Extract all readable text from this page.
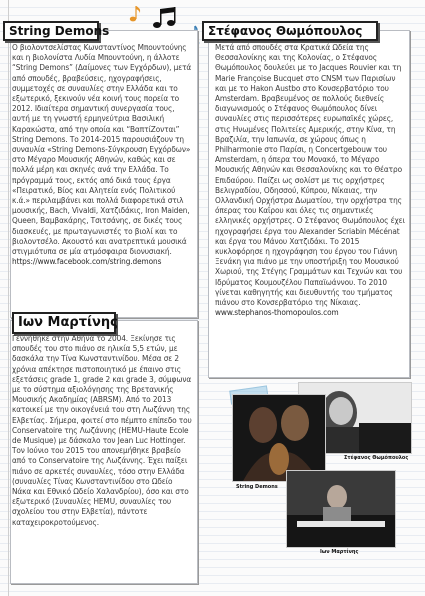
String Demons

Ο βιολοντσελίστας Κωνσταντίνος Μπουντούνης και η βιολονίστα Λυδία Μπουντούνη, η άλλοτε “String Demons” (Δαίμονες των Εγχόρδων), μετά από σπουδές, βραβεύσεις, ηχογραφήσεις, συμμετοχές σε συναυλίες στην Ελλάδα και το εξωτερικό, ξεκινούν νέα κοινή τους πορεία το 2012. Ιδιαίτερα σημαντική συνεργασία τους, αυτή με τη γνωστή ερμηνεύτρια Βασιλική Καρακώστα, από την οποία και “ΒαπτίΖονται” String Demons. Το 2014-2015 παρουσιάζουν τη συναυλία «String Demons-Σύγκρουση Εγχόρδων» στο Μέγαρο Μουσικής Αθηνών, καθώς και σε πολλά μέρη και σκηνές ανά την Ελλάδα. Το πρόγραμμά τους, εκτός από δικά τους έργα «Πειρατικό, Βίος και Αλητεία ενός Πολιτικού κ.ά.» περιλαμβάνει και πολλά διαφορετικά στιλ μουσικής, Bach, Vivaldi, Χατζιδάκις, Iron Maiden, Queen, Βαμβακάρης, Τσιτσάνης, σε δικές τους διασκευές, με πρωταγωνιστές το βιολί και το βιολοντσέλο. Ακουστό και ανατρεπτικά μουσικά στιγμιότυπα σε μία ατμόσφαιρα διονυσιακή.

https://www.facebook.com/string.demons

Στέφανος Θωμόπουλος

Μετά από σπουδές στα Κρατικά Ωδεία της Θεσσαλονίκης και της Κολονίας, ο Στέφανος Θωμόπουλος δουλεύει με το Jacques Rouvier και τη Marie Françoise Bucquet στο CNSM των Παρισίων και με το Hakon Austbo στο Κονσερβατόριο του Amsterdam. Βραβευμένος σε πολλούς διεθνείς διαγωνισμούς ο Στέφανος Θωμόπουλος δίνει συναυλίες στις περισσότερες ευρωπαϊκές χώρες, στις Ηνωμένες Πολιτείες Αμερικής, στην Κίνα, τη Βραζιλία, την Ιαπωνία, σε χώρους όπως η Philharmonie στο Παρίσι, η Concertgebouw του Amsterdam, η όπερα του Μονακό, το Μέγαρο Μουσικής Αθηνών και Θεσσαλονίκης και το Θέατρο Επιδαύρου. Παίζει ως σολίστ με τις ορχήστρες Βελιγραδίου, Οδησσού, Κύπρου, Νίκαιας, την Ολλανδική Ορχήστρα Δωματίου, την ορχήστρα της όπερας του Καΐρου και όλες τις σημαντικές ελληνικές ορχήστρες. Ο Στέφανος Θωμόπουλος έχει ηχογραφήσει έργα του Alexander Scriabin Mécénat και έργα του Μάνου Χατζιδάκι. Το 2015 κυκλοφόρησε η ηχογράφηση του έργου του Γιάννη Ξενάκη για πιάνο με την υποστήριξη του Μουσικού Χωριού, της Στέγης Γραμμάτων και Τεχνών και του Ιδρύματος Κουμουζέλου Παπαϊωάννου. Το 2010 γίνεται καθηγητής και διευθυντής του τμήματος πιάνου στο Κονσερβατόριο της Νίκαιας.

www.stephanos-thomopoulos.com

Ιων Μαρτίνης

Γεννήθηκε στην Αθήνα το 2004. Ξεκίνησε τις σπουδές του στο πιάνο σε ηλικία 5,5 ετών, με δασκάλα την Τίνα Κωνσταντινίδου. Μέσα σε 2 χρόνια απέκτησε πιστοποιητικό με έπαινο στις εξετάσεις grade 1, grade 2 και grade 3, σύμφωνα με το σύστημα αξιολόγησης της Βρετανικής Μουσικής Ακαδημίας (ABRSM). Από το 2013 κατοικεί με την οικογένειά του στη Λωζάννη της Ελβετίας. Σήμερα, φοιτεί στο πέμπτο επίπεδο του Conservatoire της Λωζάννης (HEMU-Haute Ecole de Musique) με δάσκαλο τον Jean Luc Hottinger. Τον Ιούνιο του 2015 του απονεμήθηκε βραβείο από το Conservatoire της Λωζάννης. Έχει παίξει πιάνο σε αρκετές συναυλίες, τόσο στην Ελλάδα (συναυλίες Τίνας Κωνσταντινίδου στο Ωδείο Νάκα και Εθνικό Ωδείο Χαλανδρίου), όσο και στο εξωτερικό (Συναυλίες HEMU, συναυλίες του σχολείου του στην Ελβετία), πάντοτε καταχειροκροτούμενος.

Στέφανος Θωμόπουλος
String Demons
Ιων Μαρτίνης
